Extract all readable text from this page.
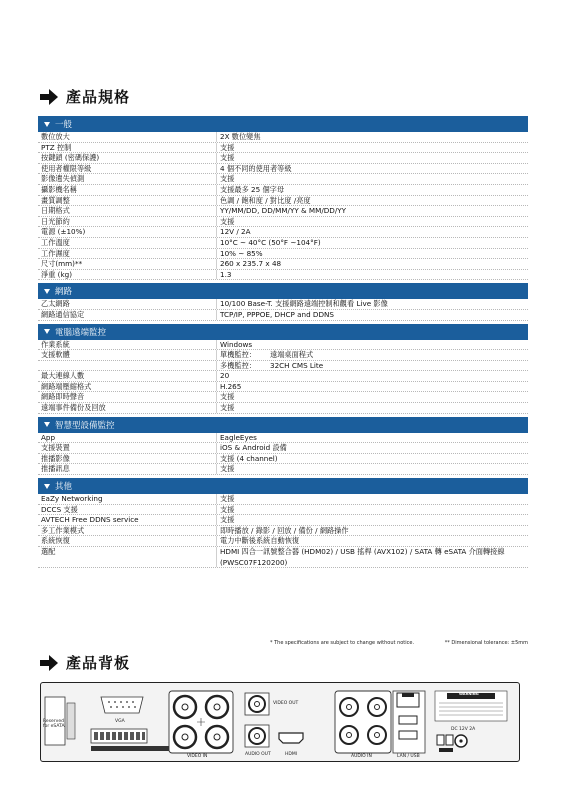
產品規格
一般
數位放大	2X 數位變焦
PTZ 控制	支援
按鍵鎖 (密碼保護)	支援
使用者權限等級	4 個不同的使用者等級
影像遺失偵測	支援
攝影機名稱	支援最多 25 個字母
畫質調整	色調 / 飽和度 / 對比度 /亮度
日期格式	YY/MM/DD, DD/MM/YY & MM/DD/YY
日光節約	支援
電源 (±10%)	12V / 2A
工作溫度	10°C ~ 40°C (50°F ~104°F)
工作濕度	10% ~ 85%
尺寸(mm)**	260 x 235.7 x 48
淨重 (kg)	1.3
網路
乙太網路	10/100 Base-T. 支援網路遠端控制和觀看 Live 影像
網路通信協定	TCP/IP, PPPOE, DHCP and DDNS
電腦遠端監控
作業系統	Windows
支援軟體	單機監控： 遠端桌面程式
多機監控： 32CH CMS Lite
最大連線人數	20
網路端壓縮格式	H.265
網路即時聲音	支援
遠端事件備份及回放	支援
智慧型設備監控
App	EagleEyes
支援裝置	iOS & Android 設備
推播影像	支援 (4 channel)
推播訊息	支援
其他
EaZy Networking	支援
DCCS 支援	支援
AVTECH Free DDNS service	支援
多工作業模式	即時播放 / 錄影 / 回放 / 備份 / 網路操作
系統恢復	電力中斷後系統自動恢復
選配	HDMI 四合一訊號整合器 (HDM02) / USB 搖桿 (AVX102) / SATA 轉 eSATA 介面轉接線 (PWSC07F120200)
* The specifications are subject to change without notice.	** Dimensional tolerance: ±5mm
產品背板
Reserved for eSATA
VGA
VIDEO IN
VIDEO OUT
AUDIO OUT	HDMI	AUDIO IN	LAN / USB
WARNING
DC 12V 2A
